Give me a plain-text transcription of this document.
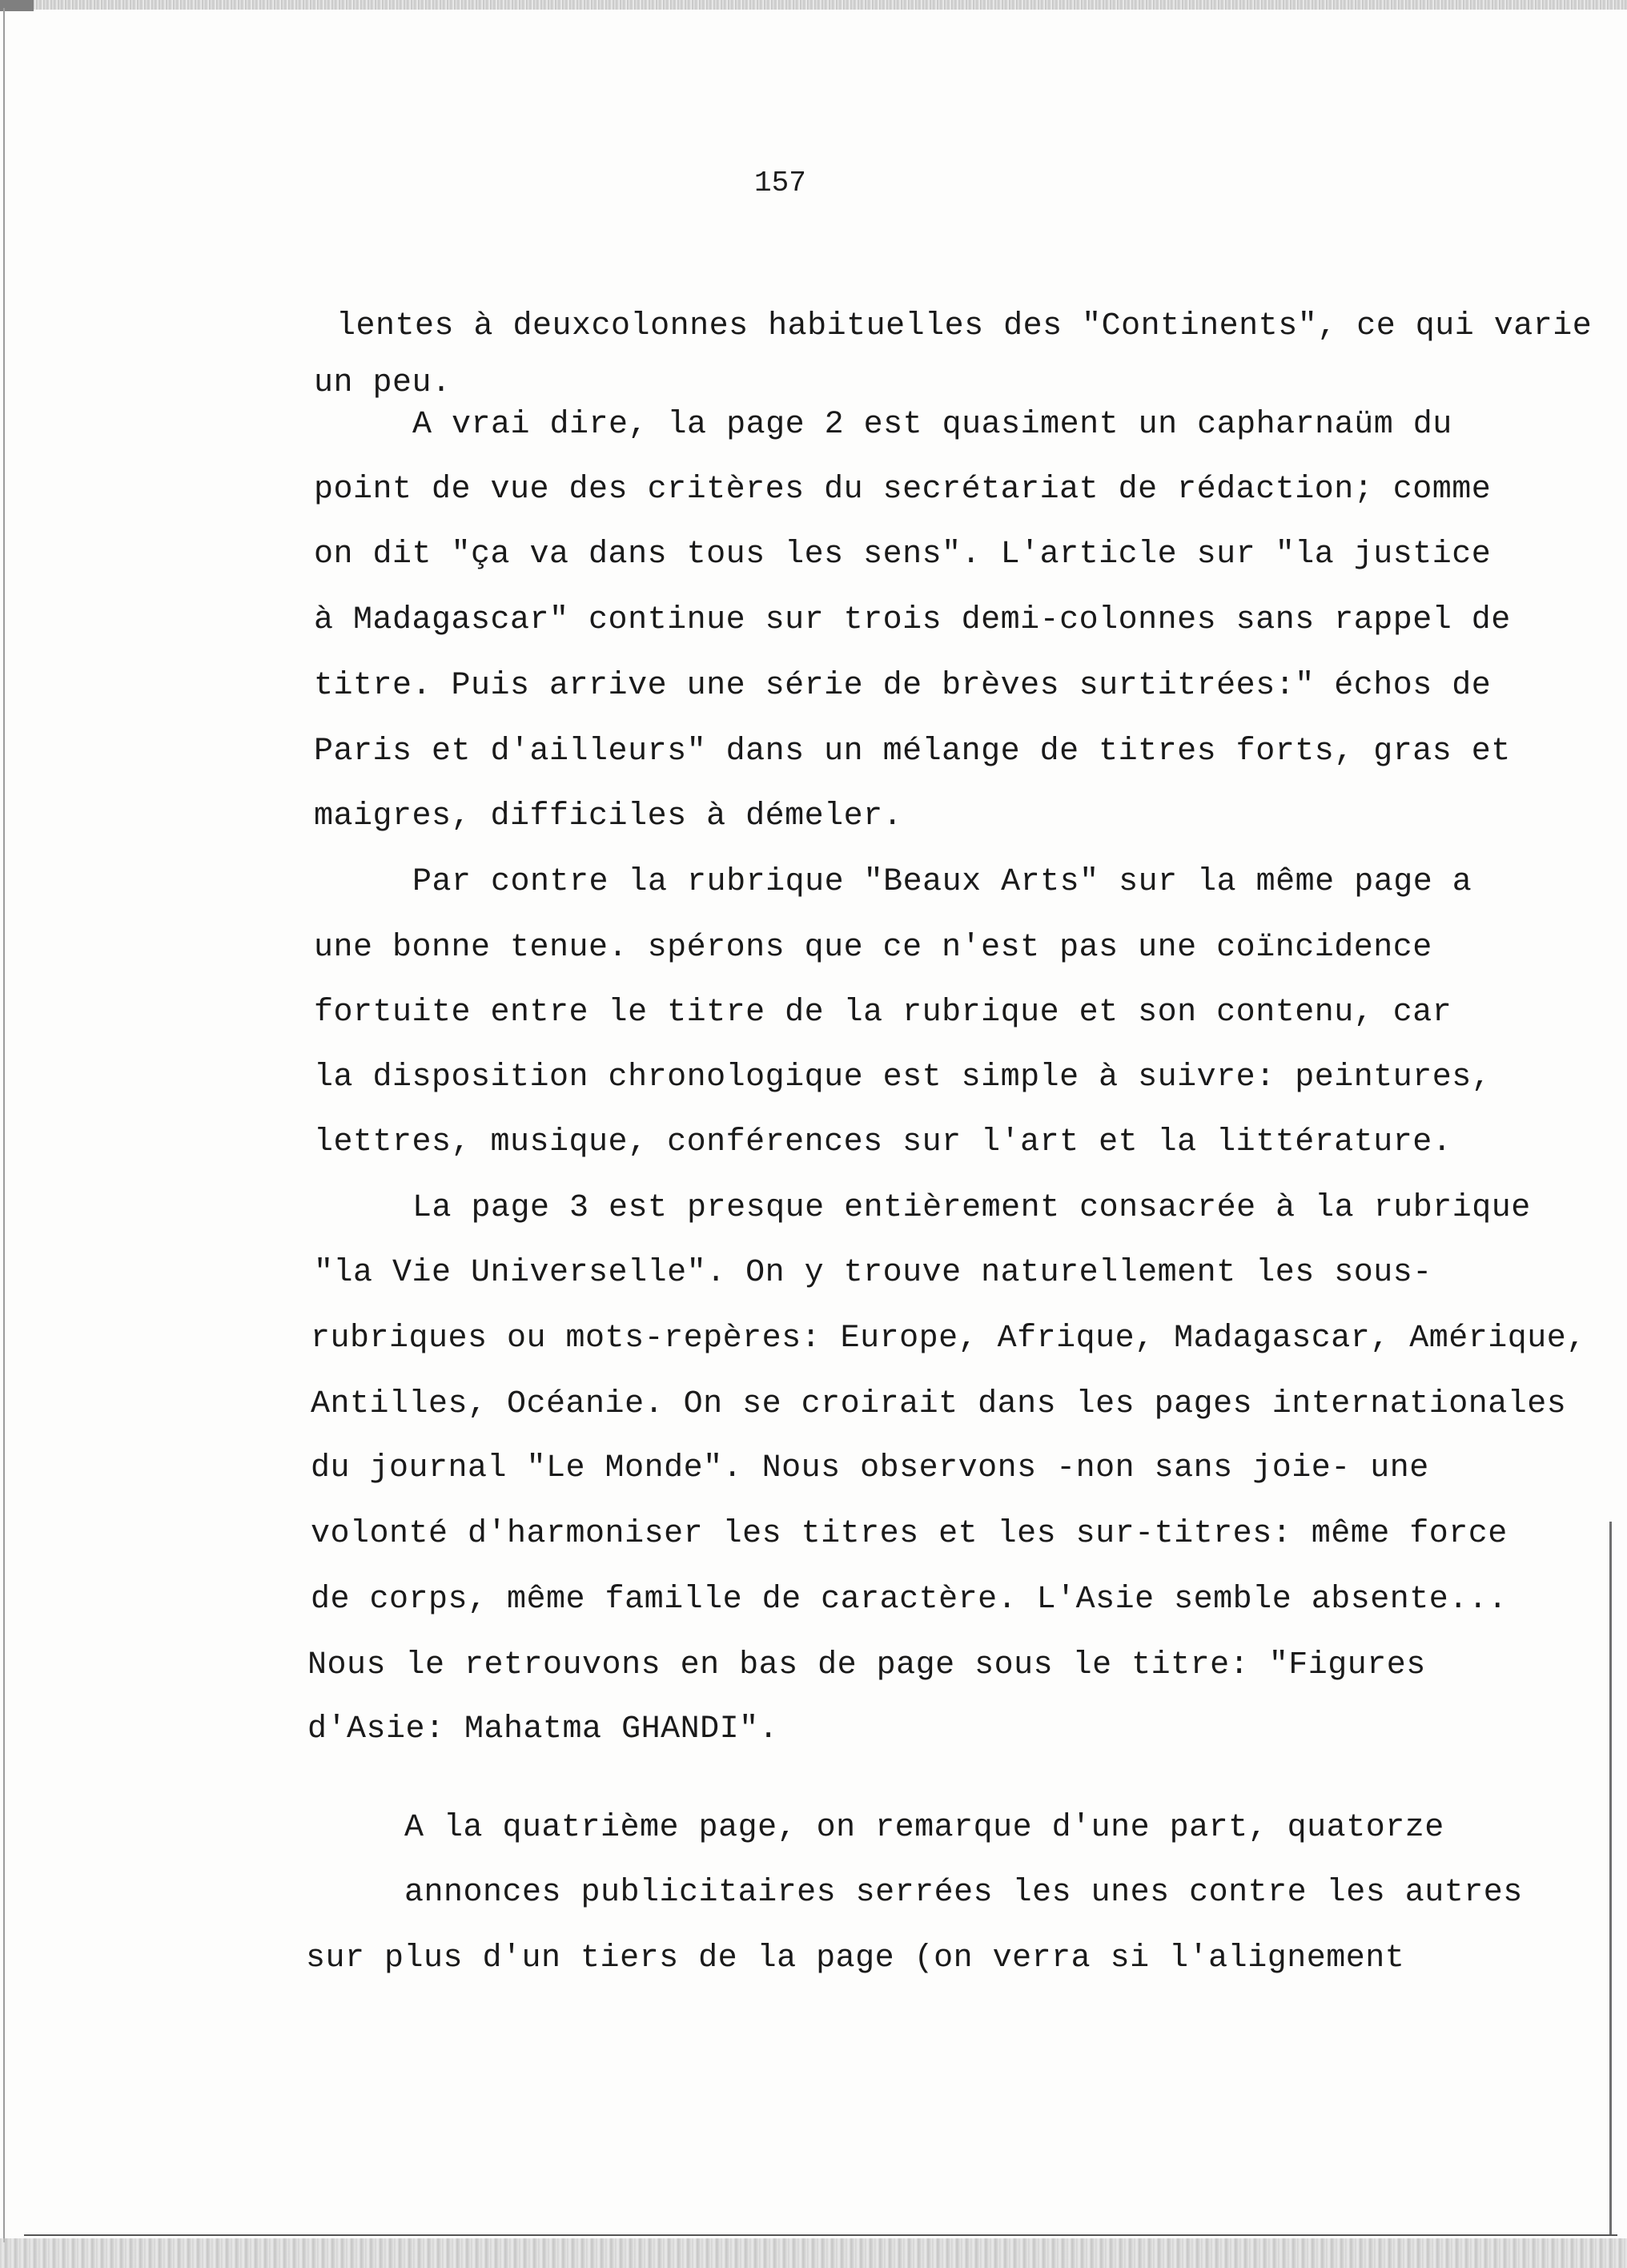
157
lentes à deuxcolonnes habituelles des "Continents", ce qui varie
un peu.
A vrai dire, la page 2 est quasiment un capharnaüm du
point de vue des critères du secrétariat de rédaction; comme
on dit "ça va dans tous les sens". L'article sur "la justice
à Madagascar" continue sur trois demi-colonnes sans rappel de
titre. Puis arrive une série de brèves surtitrées:" échos de
Paris et d'ailleurs" dans un mélange de titres forts, gras et
maigres, difficiles à démeler.
Par contre la rubrique "Beaux Arts" sur la même page a
une bonne tenue. spérons que ce n'est pas une coïncidence
fortuite entre le titre de la rubrique et son contenu, car
la disposition chronologique est simple à suivre: peintures,
lettres, musique, conférences sur l'art et la littérature.
La page 3 est presque entièrement consacrée à la rubrique
"la Vie Universelle". On y trouve naturellement les sous-
rubriques ou mots-repères: Europe, Afrique, Madagascar, Amérique,
Antilles, Océanie. On se croirait dans les pages internationales
du journal "Le Monde". Nous observons -non sans joie- une
volonté d'harmoniser les titres et les sur-titres: même force
de corps, même famille de caractère. L'Asie semble absente...
Nous le retrouvons en bas de page sous le titre: "Figures
d'Asie: Mahatma GHANDI".
A la quatrième page, on remarque d'une part, quatorze
annonces publicitaires serrées les unes contre les autres
sur plus d'un tiers de la page (on verra si l'alignement
